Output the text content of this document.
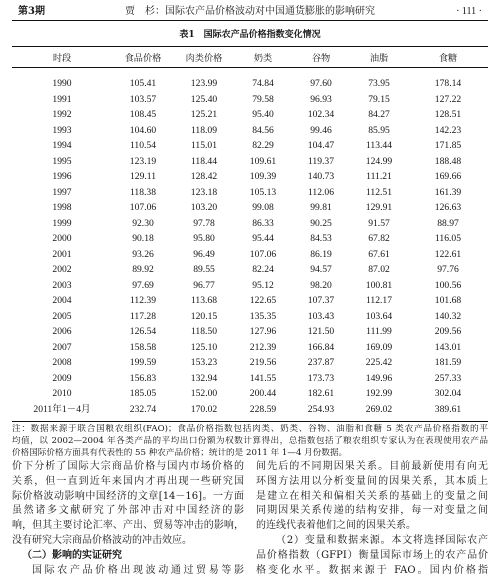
第3期	贾　杉：国际农产品价格波动对中国通货膨胀的影响研究	· 111 ·
表1　国际农产品价格指数变化情况
时段	食品价格	肉类价格	奶类	谷物	油脂	食糖
1990	105.41	123.99	74.84	97.60	73.95	178.14
1991	103.57	125.40	79.58	96.93	79.15	127.22
1992	108.45	125.21	95.40	102.34	84.27	128.51
1993	104.60	118.09	84.56	99.46	85.95	142.23
1994	110.54	115.01	82.29	104.47	113.44	171.85
1995	123.19	118.44	109.61	119.37	124.99	188.48
1996	129.11	128.42	109.39	140.73	111.21	169.66
1997	118.38	123.18	105.13	112.06	112.51	161.39
1998	107.06	103.20	99.08	99.81	129.91	126.63
1999	92.30	97.78	86.33	90.25	91.57	88.97
2000	90.18	95.80	95.44	84.53	67.82	116.05
2001	93.26	96.49	107.06	86.19	67.61	122.61
2002	89.92	89.55	82.24	94.57	87.02	97.76
2003	97.69	96.77	95.12	98.20	100.81	100.56
2004	112.39	113.68	122.65	107.37	112.17	101.68
2005	117.28	120.15	135.35	103.43	103.64	140.32
2006	126.54	118.50	127.96	121.50	111.99	209.56
2007	158.58	125.10	212.39	166.84	169.09	143.01
2008	199.59	153.23	219.56	237.87	225.42	181.59
2009	156.83	132.94	141.55	173.73	149.96	257.33
2010	185.05	152.00	200.44	182.61	192.99	302.04
2011年1－4月	232.74	170.02	228.59	254.93	269.02	389.61
注：数据来源于联合国粮农组织(FAO)；食品价格指数包括肉类、奶类、谷物、油脂和食糖 5 类农产品价格指数的平
均值，以 2002—2004 年各类产品的平均出口份额为权数计算得出，总指数包括了粮农组织专家认为在表现使用农产品
价格国际价格方面具有代表性的 55 种农产品价格；统计的是 2011 年 1—4 月份数据。
价下分析了国际大宗商品价格与国内市场价格的
关系，但一直到近年来国内才再出现一些研究国
际价格波动影响中国经济的文章[14－16]。一方面
虽然诸多文献研究了外部冲击对中国经济的影
响，但其主要讨论汇率、产出、贸易等冲击的影响，
没有研究大宗商品价格波动的冲击效应。
（二）影响的实证研究
国际农产品价格出现波动通过贸易等影
间先后的不同期因果关系。目前最新使用有向无
环图方法用以分析变量间的因果关系，其本质上
是建立在相关和偏相关关系的基础上的变量之间
同期因果关系传递的结构安排，每一对变量之间
的连线代表着他们之间的因果关系。
（2）变量和数据来源。本文将选择国际农产
品价格指数（GFPI）衡量国际市场上的农产品价
格变化水平。数据来源于 FAO。国内价格指
